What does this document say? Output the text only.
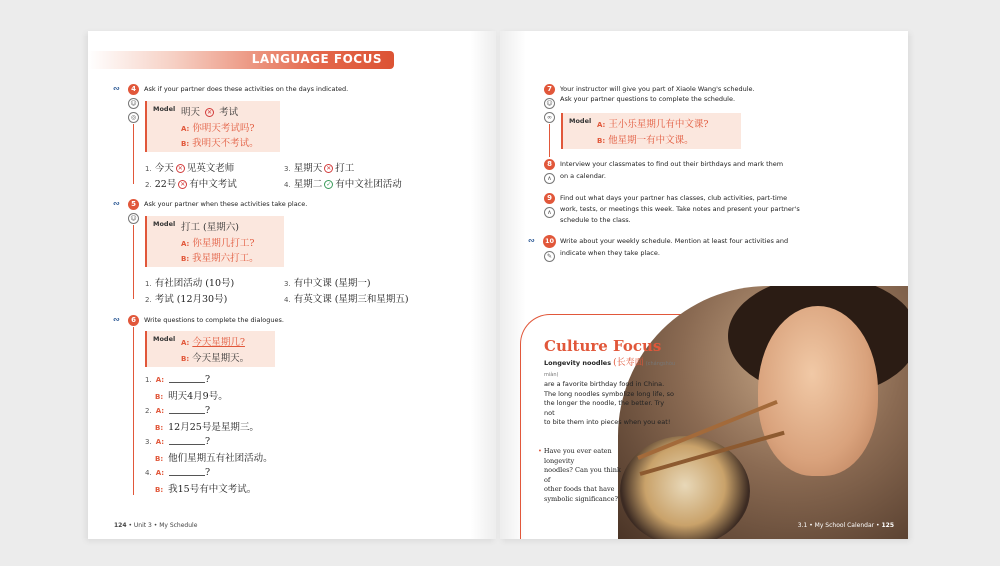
LANGUAGE FOCUS
∾	4
☺
◎
Ask if your partner does these activities on the days indicated.
Model 明天 ✕ 考试
A: 你明天考试吗?
B: 我明天不考试。
1. 今天 ✕ 见英文老师
2. 22号 ✕ 有中文考试
3. 星期天 ✕ 打工
4. 星期二 ✓ 有中文社团活动
∾	5
☺
Ask your partner when these activities take place.
Model 打工 (星期六)
A: 你星期几打工?
B: 我星期六打工。
1. 有社团活动 (10号)
2. 考试 (12月30号)
3. 有中文课 (星期一)
4. 有英文课 (星期三和星期五)
∾	6	Write questions to complete the dialogues.
Model A: 今天星期几?
B: 今天星期天。
1. A:	?
B: 明天4月9号。
2. A:	?
B: 12月25号是星期三。
3. A:	?
B: 他们星期五有社团活动。
4. A:	?
B: 我15号有中文考试。
124 • Unit 3 • My Schedule
7
☺
∞
Your instructor will give you part of Xiaole Wang's schedule.
Ask your partner questions to complete the schedule.
Model A: 王小乐星期几有中文课?
B: 他星期一有中文课。
8
∧
Interview your classmates to find out their birthdays and mark them
on a calendar.
9
∧
Find out what days your partner has classes, club activities, part-time
work, tests, or meetings this week. Take notes and present your partner's
schedule to the class.
∾	10
✎
Write about your weekly schedule. Mention at least four activities and
indicate when they take place.
Culture Focus
Longevity noodles (长寿面 (chángshòu miàn)
are a favorite birthday food in China.
The long noodles symbolize long life, so
the longer the noodle, the better. Try not
to bite them into pieces when you eat!
• Have you ever eaten longevity
noodles? Can you think of
other foods that have
symbolic significance?
3.1 • My School Calendar • 125
